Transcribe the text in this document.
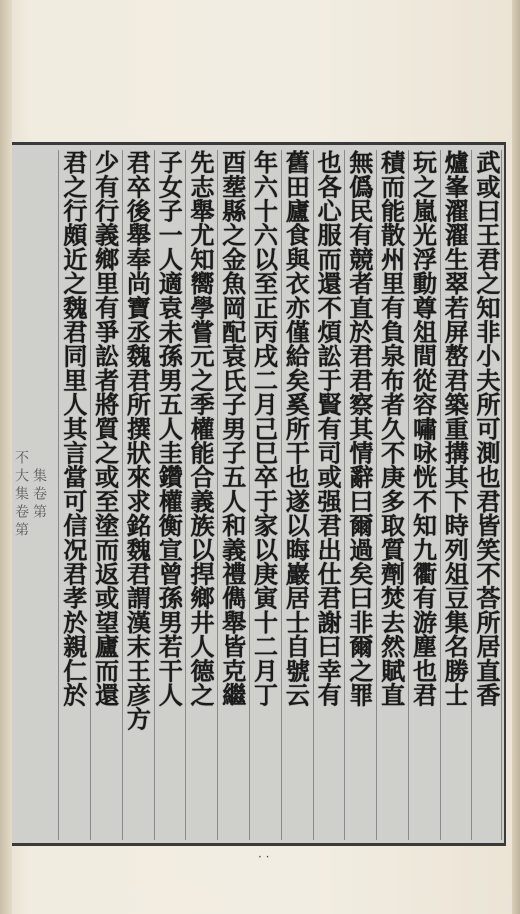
集卷第
不大集卷第	武或曰王君之知非小夫所可測也君皆笑不荅所居直香
爐峯濯濯生翠若屏嶅君築重搆其下時列俎豆集名勝士
玩之嵐光浮動尊俎間從容嘯咏恍不知九衢有游塵也君
積而能散州里有負泉布者久不庚多取質劑焚去然賦直
無僞民有競者直於君君察其情辭曰爾過矣曰非爾之罪
也各心服而還不煩訟于賢有司或强君出仕君謝曰幸有
舊田廬食與衣亦僅給矣奚所干也遂以晦巖居士自號云
年六十六以至正丙戌二月己巳卒于家以庚寅十二月丁
酉塟縣之金魚岡配袁氏子男子五人和義禮儁舉皆克繼
先志舉尤知嚮學嘗元之季權能合義族以捍鄉井人德之
子女子一人適袁未孫男五人圭鑽權衡宣曾孫男若干人
君卒後舉奉尚寶丞魏君所撰狀來求銘魏君謂漢末王彦方
少有行義鄉里有爭訟者將質之或至塗而返或望廬而還
君之行頗近之魏君同里人其言當可信况君孝於親仁於
‧ ‧
